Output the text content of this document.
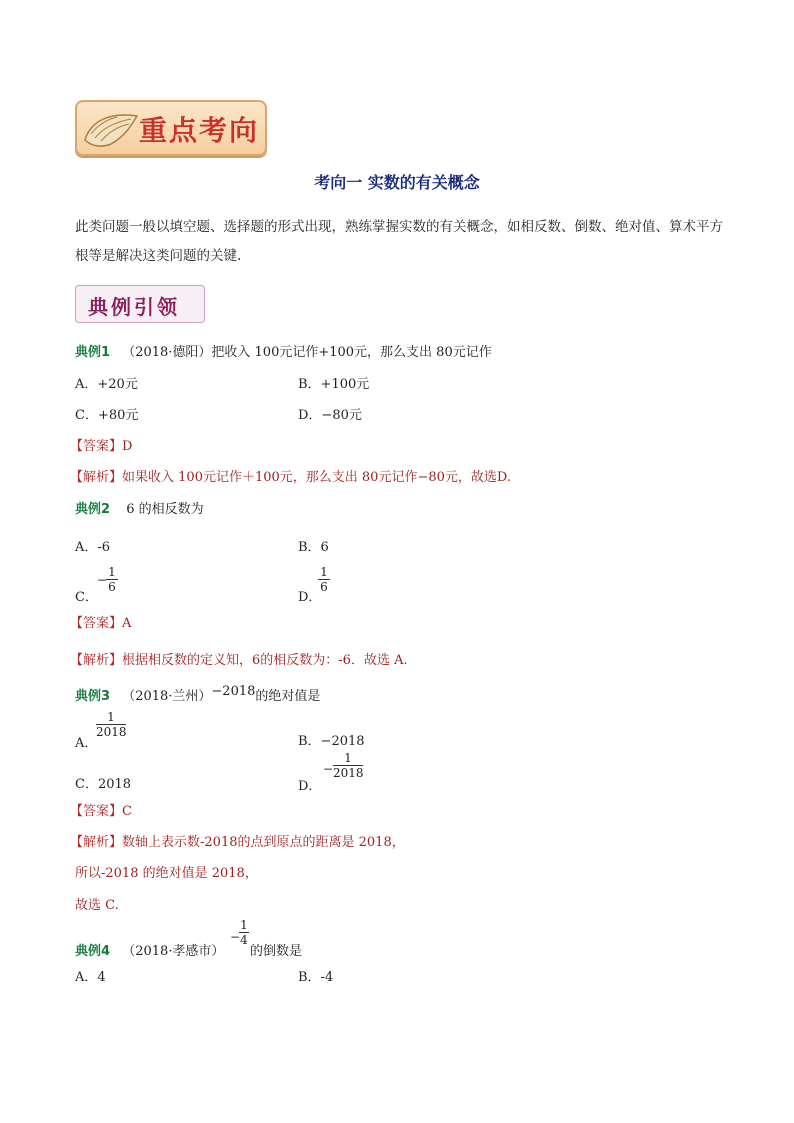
重点考向
考向一 实数的有关概念
此类问题一般以填空题、选择题的形式出现，熟练掌握实数的有关概念，如相反数、倒数、绝对值、算术平方根等是解决这类问题的关键.
典例引领
典例1 （2018·德阳）把收入 100元记作+100元，那么支出 80元记作
A．+20元	B．+100元
C．+80元	D．−80元
【答案】D
【解析】如果收入 100元记作＋100元，那么支出 80元记作−80元，故选D.
典例2 6 的相反数为
A．-6	B．6
C．
−
1
6
D．
1
6
【答案】A
【解析】根据相反数的定义知，6的相反数为：-6．故选 A.
典例3 （2018·兰州）−2018的绝对值是
A．
1
2018
B．−2018
C．2018	D．
−
1
2018
【答案】C
【解析】数轴上表示数-2018的点到原点的距离是 2018，
所以-2018 的绝对值是 2018，
故选 C.
典例4 （2018·孝感市）
−
1
4
的倒数是
A．4	B．-4
